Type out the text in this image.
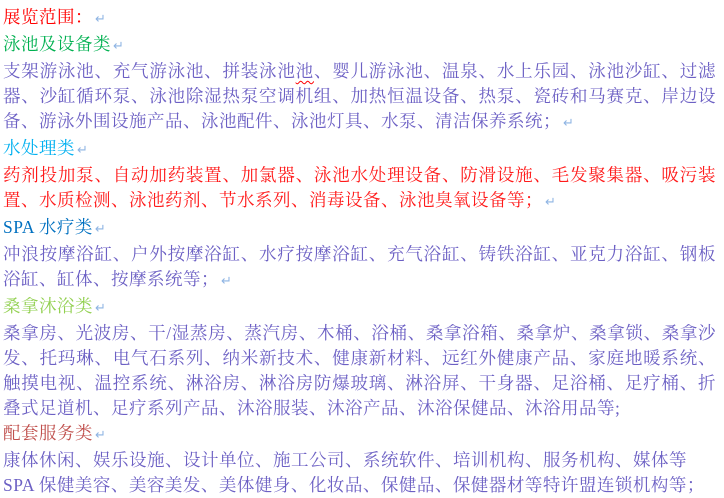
展览范围： ↵

泳池及设备类 ↵

支架游泳池、充气游泳池、拼装泳池池、婴儿游泳池、温泉、水上乐园、泳池沙缸、过滤器、沙缸循环泵、泳池除湿热泵空调机组、加热恒温设备、热泵、瓷砖和马赛克、岸边设备、游泳外围设施产品、泳池配件、泳池灯具、水泵、清洁保养系统； ↵

水处理类 ↵

药剂投加泵、自动加药装置、加氯器、泳池水处理设备、防滑设施、毛发聚集器、吸污装置、水质检测、泳池药剂、节水系列、消毒设备、泳池臭氧设备等； ↵

SPA 水疗类 ↵

冲浪按摩浴缸、户外按摩浴缸、水疗按摩浴缸、充气浴缸、铸铁浴缸、亚克力浴缸、钢板浴缸、缸体、按摩系统等； ↵

桑拿沐浴类 ↵

桑拿房、光波房、干/湿蒸房、蒸汽房、木桶、浴桶、桑拿浴箱、桑拿炉、桑拿锁、桑拿沙发、托玛琳、电气石系列、纳米新技术、健康新材料、远红外健康产品、家庭地暖系统、触摸电视、温控系统、淋浴房、淋浴房防爆玻璃、淋浴屏、干身器、足浴桶、足疗桶、折叠式足道机、足疗系列产品、沐浴服装、沐浴产品、沐浴保健品、沐浴用品等;

配套服务类 ↵

康体休闲、娱乐设施、设计单位、施工公司、系统软件、培训机构、服务机构、媒体等

SPA 保健美容、美容美发、美体健身、化妆品、保健品、保健器材等特许盟连锁机构等；
